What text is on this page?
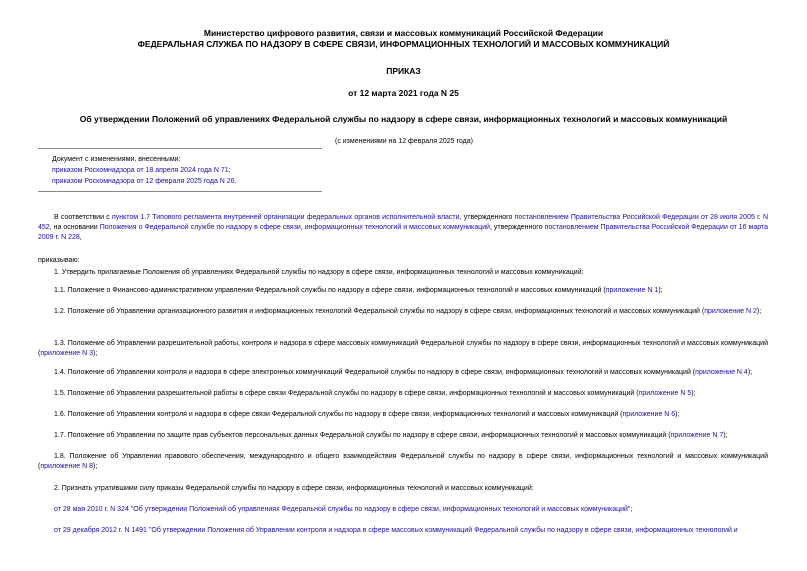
Министерство цифрового развития, связи и массовых коммуникаций Российской Федерации
ФЕДЕРАЛЬНАЯ СЛУЖБА ПО НАДЗОРУ В СФЕРЕ СВЯЗИ, ИНФОРМАЦИОННЫХ ТЕХНОЛОГИЙ И МАССОВЫХ КОММУНИКАЦИЙ
ПРИКАЗ
от 12 марта 2021 года N 25
Об утверждении Положений об управлениях Федеральной службы по надзору в сфере связи, информационных технологий и массовых коммуникаций
(с изменениями на 12 февраля 2025 года)
Документ с изменениями, внесенными:
приказом Роскомнадзора от 18 апреля 2024 года N 71;
приказом Роскомнадзора от 12 февраля 2025 года N 26.
В соответствии с пунктом 1.7 Типового регламента внутренней организации федеральных органов исполнительной власти, утвержденного постановлением Правительства Российской Федерации от 28 июля 2005 г. N 452, на основании Положения о Федеральной службе по надзору в сфере связи, информационных технологий и массовых коммуникаций, утвержденного постановлением Правительства Российской Федерации от 16 марта 2009 г. N 228,
приказываю:
1. Утвердить прилагаемые Положения об управлениях Федеральной службы по надзору в сфере связи, информационных технологий и массовых коммуникаций:
1.1. Положение о Финансово-административном управлении Федеральной службы по надзору в сфере связи, информационных технологий и массовых коммуникаций (приложение N 1);
1.2. Положение об Управлении организационного развития и информационных технологий Федеральной службы по надзору в сфере связи, информационных технологий и массовых коммуникаций (приложение N 2);
1.3. Положение об Управлении разрешительной работы, контроля и надзора в сфере массовых коммуникаций Федеральной службы по надзору в сфере связи, информационных технологий и массовых коммуникаций (приложение N 3);
1.4. Положение об Управлении контроля и надзора в сфере электронных коммуникаций Федеральной службы по надзору в сфере связи, информационных технологий и массовых коммуникаций (приложение N 4);
1.5. Положение об Управлении разрешительной работы в сфере связи Федеральной службы по надзору в сфере связи, информационных технологий и массовых коммуникаций (приложение N 5);
1.6. Положение об Управлении контроля и надзора в сфере связи Федеральной службы по надзору в сфере связи, информационных технологий и массовых коммуникаций (приложение N 6);
1.7. Положение об Управлении по защите прав субъектов персональных данных Федеральной службы по надзору в сфере связи, информационных технологий и массовых коммуникаций (приложение N 7);
1.8. Положение об Управлении правового обеспечения, международного и общего взаимодействия Федеральной службы по надзору в сфере связи, информационных технологий и массовых коммуникаций (приложение N 8);
2. Признать утратившими силу приказы Федеральной службы по надзору в сфере связи, информационных технологий и массовых коммуникаций:
от 28 мая 2010 г. N 324 "Об утверждении Положений об управлениях Федеральной службы по надзору в сфере связи, информационных технологий и массовых коммуникаций";
от 29 декабря 2012 г. N 1491 "Об утверждении Положения об Управлении контроля и надзора в сфере массовых коммуникаций Федеральной службы по надзору в сфере связи, информационных технологий и
